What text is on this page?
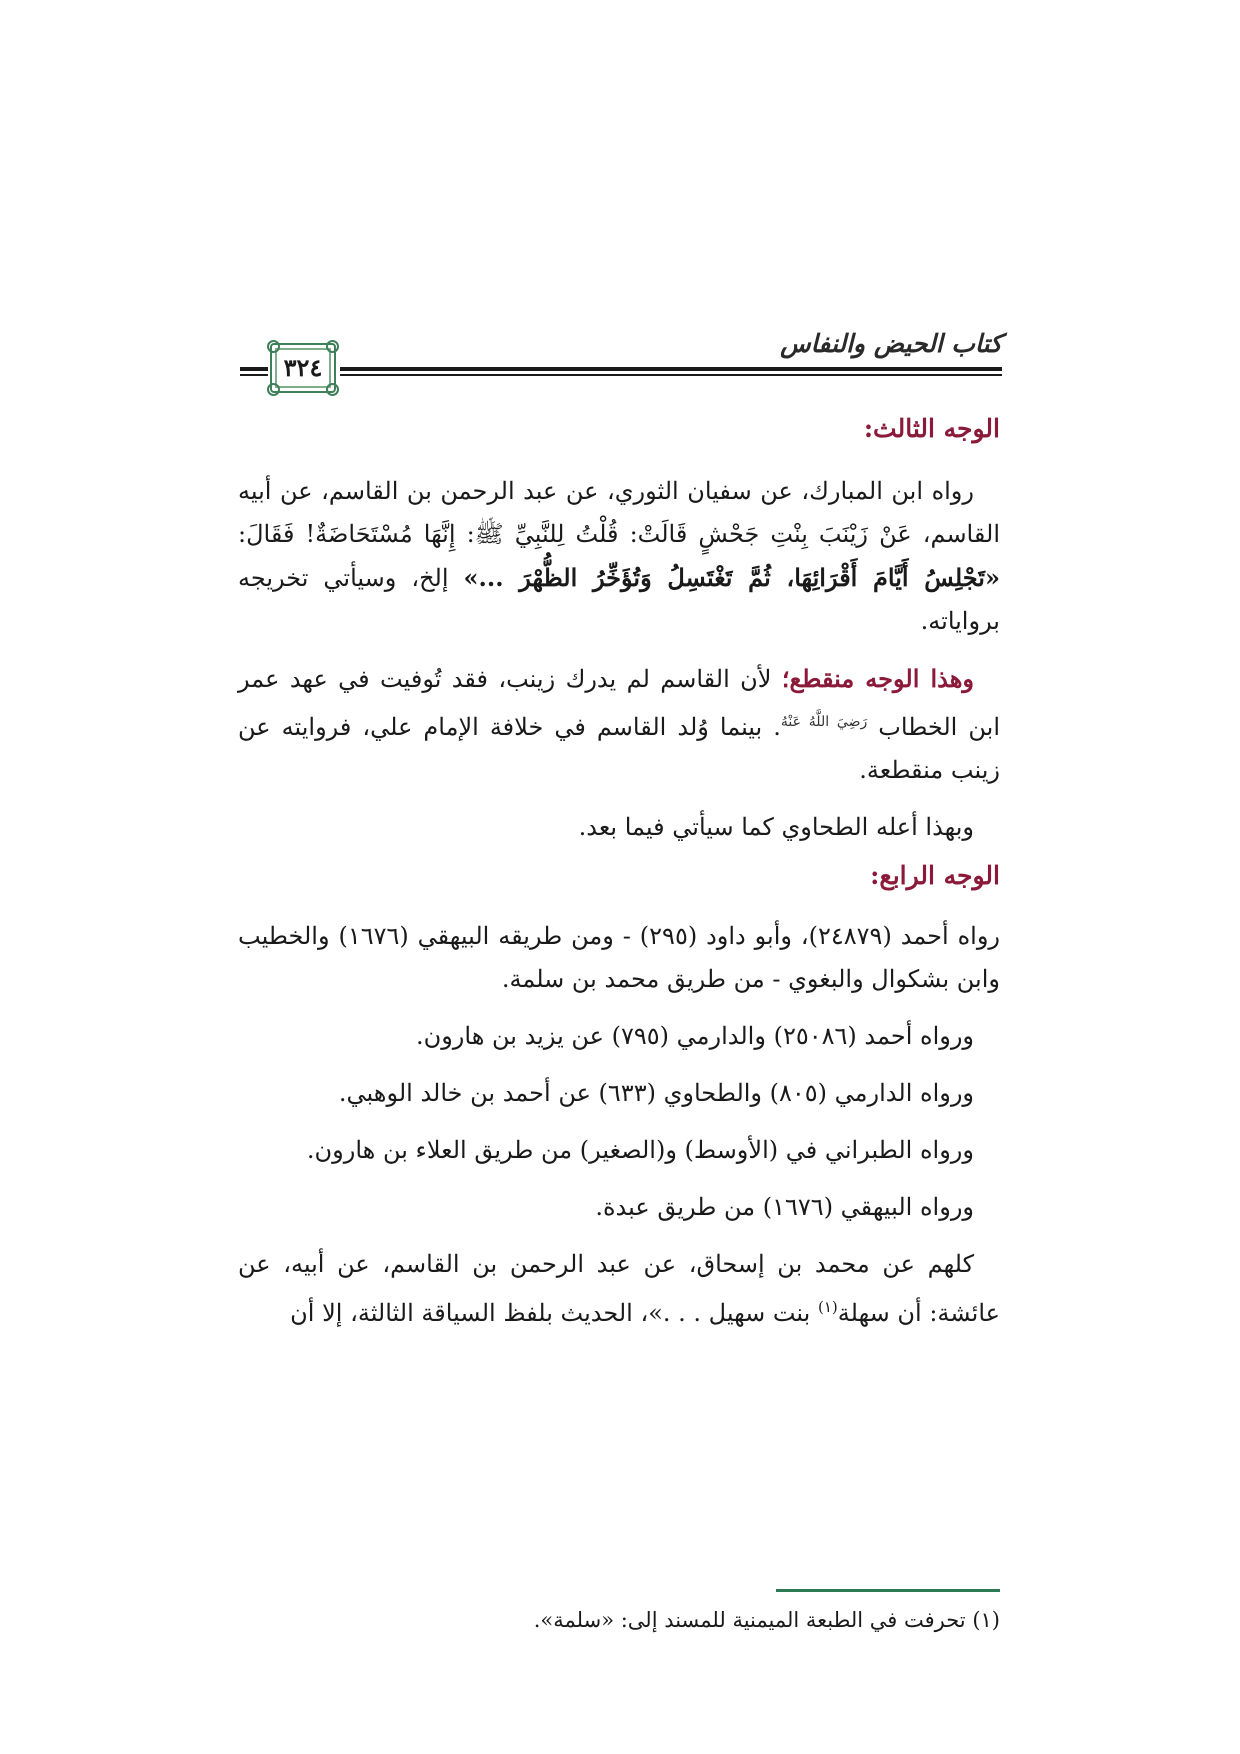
كتاب الحيض والنفاس
٣٢٤
الوجه الثالث:

رواه ابن المبارك، عن سفيان الثوري، عن عبد الرحمن بن القاسم، عن أبيه القاسم، عَنْ زَيْنَبَ بِنْتِ جَحْشٍ قَالَتْ: قُلْتُ لِلنَّبِيِّ ﷺ: إِنَّهَا مُسْتَحَاضَةٌ! فَقَالَ: «تَجْلِسُ أَيَّامَ أَقْرَائِهَا، ثُمَّ تَغْتَسِلُ وَتُؤَخِّرُ الظُّهْرَ ...» إلخ، وسيأتي تخريجه برواياته.

وهذا الوجه منقطع؛ لأن القاسم لم يدرك زينب، فقد تُوفيت في عهد عمر ابن الخطاب $^{رَضِيَ اللَّهُ عَنْهُ}$. بينما وُلد القاسم في خلافة الإمام علي، فروايته عن زينب منقطعة.

وبهذا أعله الطحاوي كما سيأتي فيما بعد.

الوجه الرابع:

رواه أحمد (٢٤٨٧٩)، وأبو داود (٢٩٥) - ومن طريقه البيهقي (١٦٧٦) والخطيب وابن بشكوال والبغوي - من طريق محمد بن سلمة.

ورواه أحمد (٢٥٠٨٦) والدارمي (٧٩٥) عن يزيد بن هارون.

ورواه الدارمي (٨٠٥) والطحاوي (٦٣٣) عن أحمد بن خالد الوهبي.

ورواه الطبراني في (الأوسط) و(الصغير) من طريق العلاء بن هارون.

ورواه البيهقي (١٦٧٦) من طريق عبدة.

كلهم عن محمد بن إسحاق، عن عبد الرحمن بن القاسم، عن أبيه، عن عائشة: أن سهلة$^{(١)}$ بنت سهيل . . .»، الحديث بلفظ السياقة الثالثة، إلا أن

(١) تحرفت في الطبعة الميمنية للمسند إلى: «سلمة».
